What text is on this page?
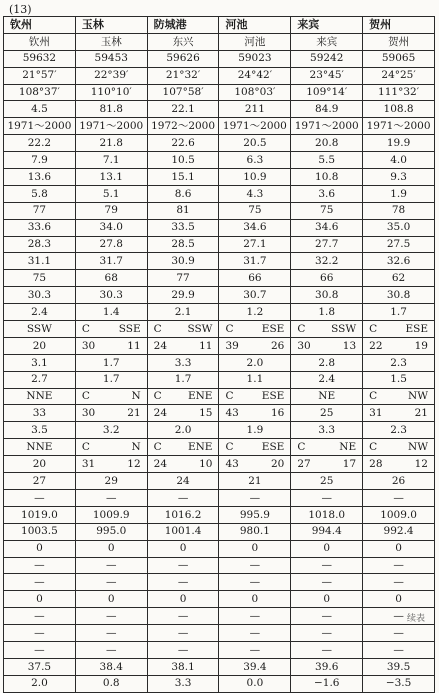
(13)
钦州	玉林	防城港	河池	来宾	贺州
钦州	玉林	东兴	河池	来宾	贺州
59632	59453	59626	59023	59242	59065
21°57′	22°39′	21°32′	24°42′	23°45′	24°25′
108°37′	110°10′	107°58′	108°03′	109°14′	111°32′
4.5	81.8	22.1	211	84.9	108.8
1971～2000	1971～2000	1972～2000	1971～2000	1971～2000	1971～2000
22.2	21.8	22.6	20.5	20.8	19.9
7.9	7.1	10.5	6.3	5.5	4.0
13.6	13.1	15.1	10.9	10.8	9.3
5.8	5.1	8.6	4.3	3.6	1.9
77	79	81	75	75	78
33.6	34.0	33.5	34.6	34.6	35.0
28.3	27.8	28.5	27.1	27.7	27.5
31.1	31.7	30.9	31.7	32.2	32.6
75	68	77	66	66	62
30.3	30.3	29.9	30.7	30.8	30.8
2.4	1.4	2.1	1.2	1.8	1.7

SSW	C SSE	C SSW	C ESE	C SSW	C ESE

20	30 11	24 11	39 26	30 13	22 19

3.1	1.7	3.3	2.0	2.8	2.3
2.7	1.7	1.7	1.1	2.4	1.5

NNE	C N	C ENE	C ESE	NE	C NW

33	30 21	24 15	43 16	25	31 21

3.5	3.2	2.0	1.9	3.3	2.3

NNE	C N	C ENE	C ESE	C NE	C NW

20	31 12	24 10	43 20	27 17	28 12

27	29	24	21	25	26
—	—	—	—	—	—
1019.0	1009.9	1016.2	995.9	1018.0	1009.0
1003.5	995.0	1001.4	980.1	994.4	992.4
0	0	0	0	0	0
—	—	—	—	—	—
—	—	—	—	—	—
0	0	0	0	0	0
—	—	—	—	—	—
—	—	—	—	—	—
—	—	—	—	—	—
37.5	38.4	38.1	39.4	39.6	39.5
2.0	0.8	3.3	0.0	−1.6	−3.5
续表
